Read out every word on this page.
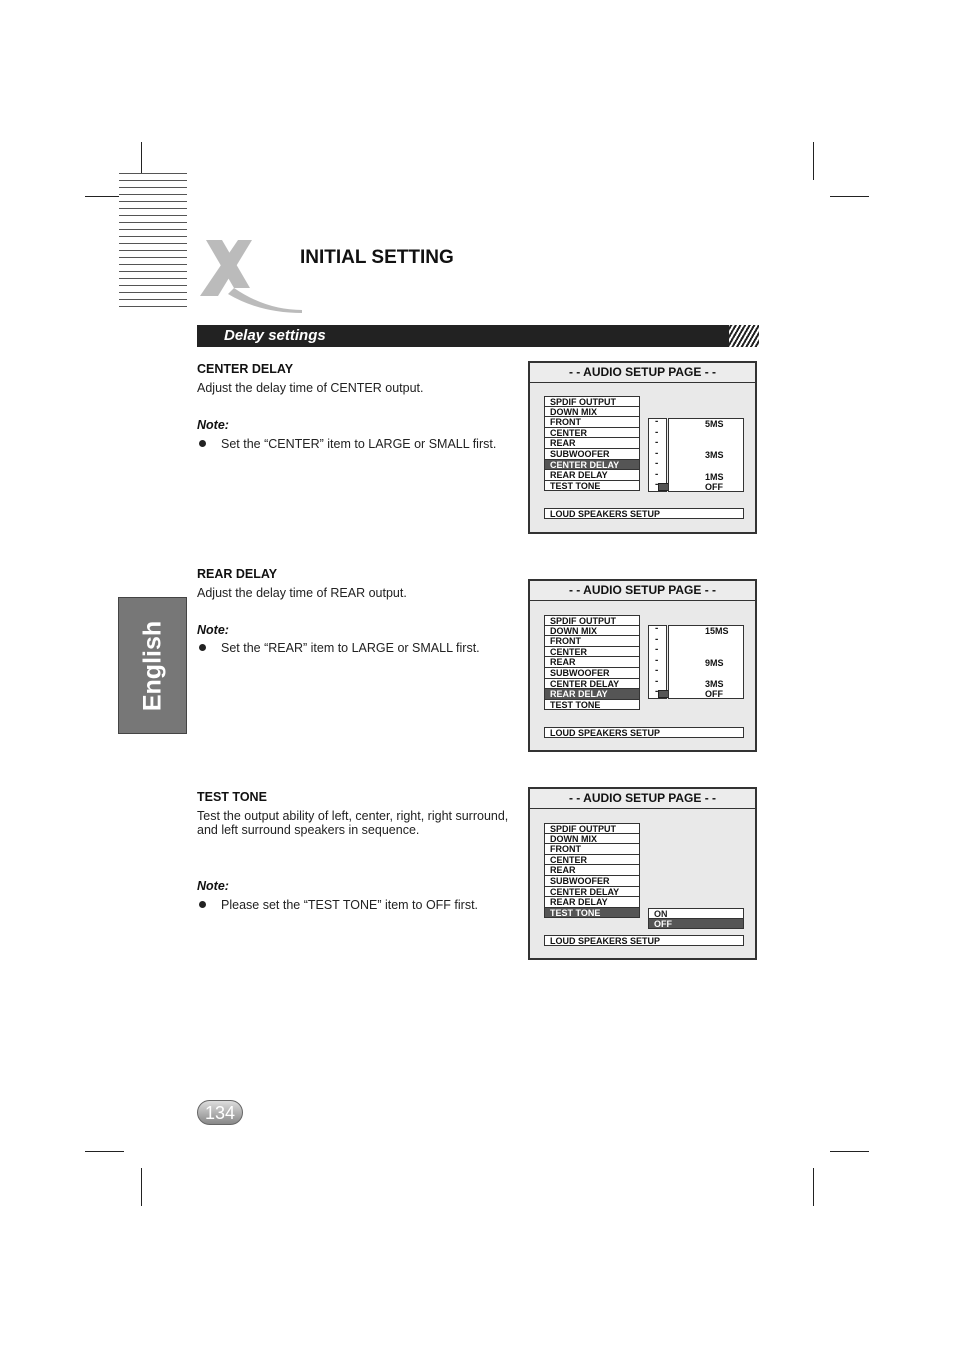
INITIAL SETTING
Delay settings
English
CENTER DELAY
Adjust the delay time of CENTER output.
Note:
Set the “CENTER” item to LARGE or SMALL first.
- - AUDIO SETUP PAGE - -
SPDIF OUTPUT
DOWN MIX
FRONT
CENTER
REAR
SUBWOOFER
CENTER DELAY
REAR DELAY
TEST TONE
-
-
-
-
-
-
-
5MS
3MS
1MS
OFF
LOUD SPEAKERS SETUP
REAR DELAY
Adjust the delay time of REAR output.
Note:
Set the “REAR” item to LARGE or SMALL first.
- - AUDIO SETUP PAGE - -
SPDIF OUTPUT
DOWN MIX
FRONT
CENTER
REAR
SUBWOOFER
CENTER DELAY
REAR DELAY
TEST TONE
-
-
-
-
-
-
-
15MS
9MS
3MS
OFF
LOUD SPEAKERS SETUP
TEST TONE
Test the output ability of left, center, right, right surround,
and left surround speakers in sequence.
Note:
Please set the “TEST TONE” item to OFF first.
- - AUDIO SETUP PAGE - -
SPDIF OUTPUT
DOWN MIX
FRONT
CENTER
REAR
SUBWOOFER
CENTER DELAY
REAR DELAY
TEST TONE	ON
OFF
LOUD SPEAKERS SETUP
134
